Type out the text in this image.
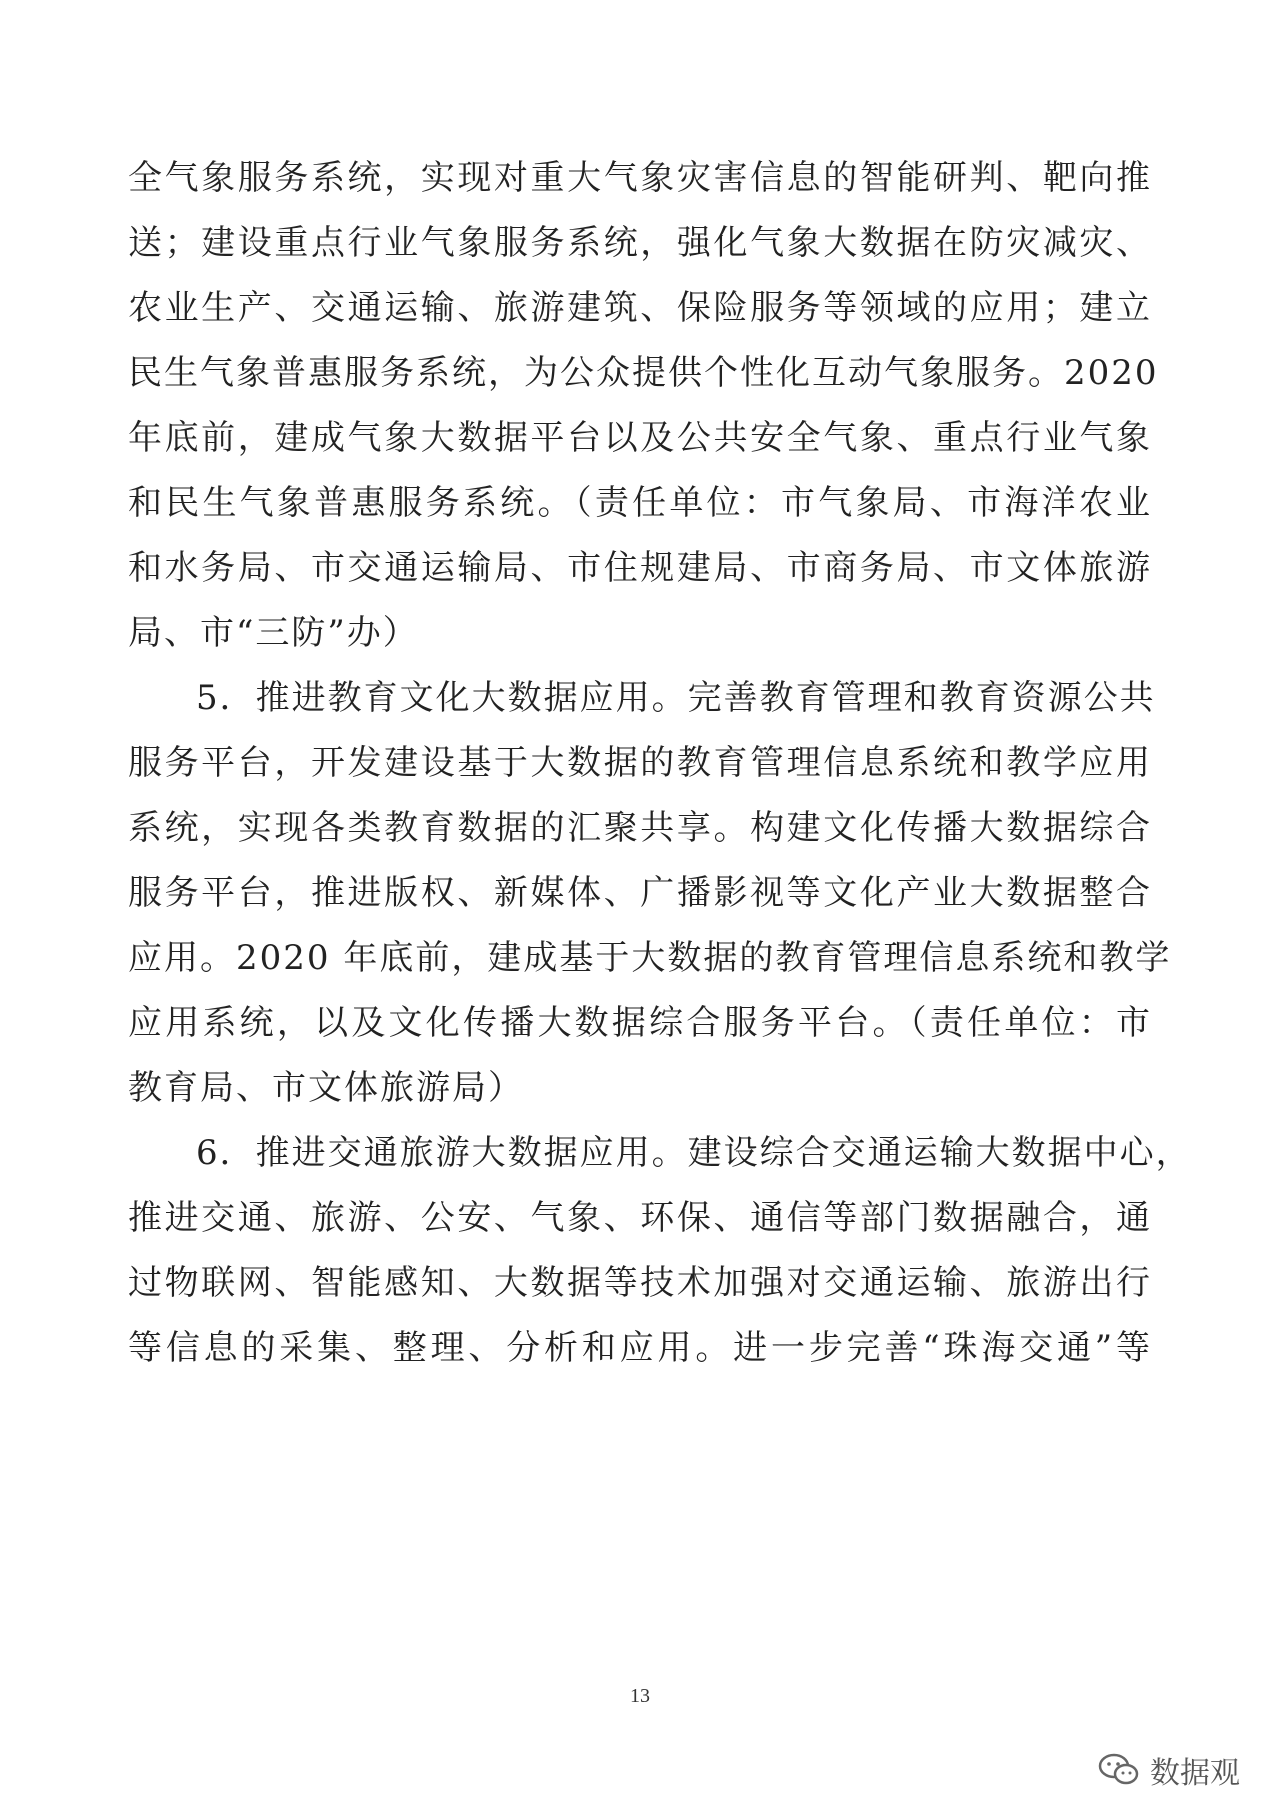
全气象服务系统，实现对重大气象灾害信息的智能研判、靶向推
送；建设重点行业气象服务系统，强化气象大数据在防灾减灾、
农业生产、交通运输、旅游建筑、保险服务等领域的应用；建立
民生气象普惠服务系统，为公众提供个性化互动气象服务。2020
年底前，建成气象大数据平台以及公共安全气象、重点行业气象
和民生气象普惠服务系统。（责任单位：市气象局、市海洋农业
和水务局、市交通运输局、市住规建局、市商务局、市文体旅游
局、市“三防”办）
5．推进教育文化大数据应用。完善教育管理和教育资源公共
服务平台，开发建设基于大数据的教育管理信息系统和教学应用
系统，实现各类教育数据的汇聚共享。构建文化传播大数据综合
服务平台，推进版权、新媒体、广播影视等文化产业大数据整合
应用。2020 年底前，建成基于大数据的教育管理信息系统和教学
应用系统，以及文化传播大数据综合服务平台。（责任单位：市
教育局、市文体旅游局）
6．推进交通旅游大数据应用。建设综合交通运输大数据中心，
推进交通、旅游、公安、气象、环保、通信等部门数据融合，通
过物联网、智能感知、大数据等技术加强对交通运输、旅游出行
等信息的采集、整理、分析和应用。进一步完善“珠海交通”等
13
数据观
